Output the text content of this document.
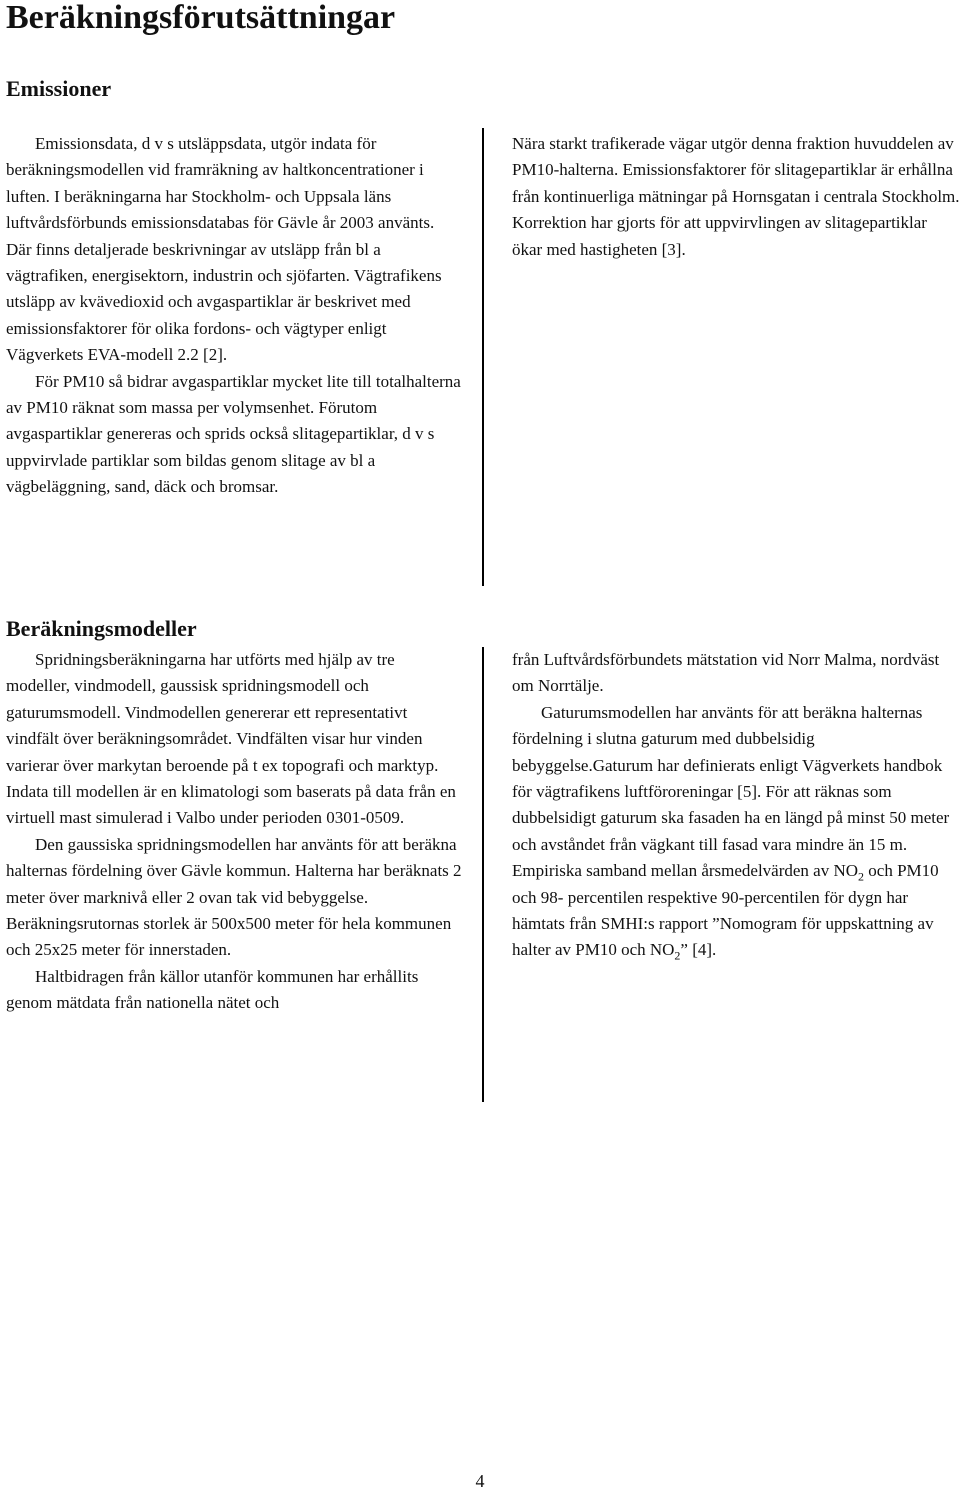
Beräkningsförutsättningar
Emissioner

Emissionsdata, d v s utsläppsdata, utgör indata för beräkningsmodellen vid framräkning av haltkoncentrationer i luften. I beräkningarna har Stockholm- och Uppsala läns luftvårdsförbunds emissionsdatabas för Gävle år 2003 använts. Där finns detaljerade beskrivningar av utsläpp från bl a vägtrafiken, energisektorn, industrin och sjöfarten. Vägtrafikens utsläpp av kvävedioxid och avgaspartiklar är beskrivet med emissionsfaktorer för olika fordons- och vägtyper enligt Vägverkets EVA-modell 2.2 [2].

För PM10 så bidrar avgaspartiklar mycket lite till totalhalterna av PM10 räknat som massa per volymsenhet. Förutom avgaspartiklar genereras och sprids också slitagepartiklar, d v s uppvirvlade partiklar som bildas genom slitage av bl a vägbeläggning, sand, däck och bromsar.

Nära starkt trafikerade vägar utgör denna fraktion huvuddelen av PM10-halterna. Emissionsfaktorer för slitagepartiklar är erhållna från kontinuerliga mätningar på Hornsgatan i centrala Stockholm. Korrektion har gjorts för att uppvirvlingen av slitagepartiklar ökar med hastigheten [3].

Beräkningsmodeller

Spridningsberäkningarna har utförts med hjälp av tre modeller, vindmodell, gaussisk spridningsmodell och gaturumsmodell. Vindmodellen genererar ett representativt vindfält över beräkningsområdet. Vindfälten visar hur vinden varierar över markytan beroende på t ex topografi och marktyp. Indata till modellen är en klimatologi som baserats på data från en virtuell mast simulerad i Valbo under perioden 0301-0509.

Den gaussiska spridningsmodellen har använts för att beräkna halternas fördelning över Gävle kommun. Halterna har beräknats 2 meter över marknivå eller 2 ovan tak vid bebyggelse. Beräkningsrutornas storlek är 500x500 meter för hela kommunen och 25x25 meter för innerstaden.

Haltbidragen från källor utanför kommunen har erhållits genom mätdata från nationella nätet och

från Luftvårdsförbundets mätstation vid Norr Malma, nordväst om Norrtälje.

Gaturumsmodellen har använts för att beräkna halternas fördelning i slutna gaturum med dubbelsidig bebyggelse.Gaturum har definierats enligt Vägverkets handbok för vägtrafikens luftföroreningar [5]. För att räknas som dubbelsidigt gaturum ska fasaden ha en längd på minst 50 meter och avståndet från vägkant till fasad vara mindre än 15 m. Empiriska samband mellan årsmedelvärden av $NO_2$ och PM10 och 98- percentilen respektive 90-percentilen för dygn har hämtats från SMHI:s rapport ”Nomogram för uppskattning av halter av PM10 och $NO_2$” [4].

4
